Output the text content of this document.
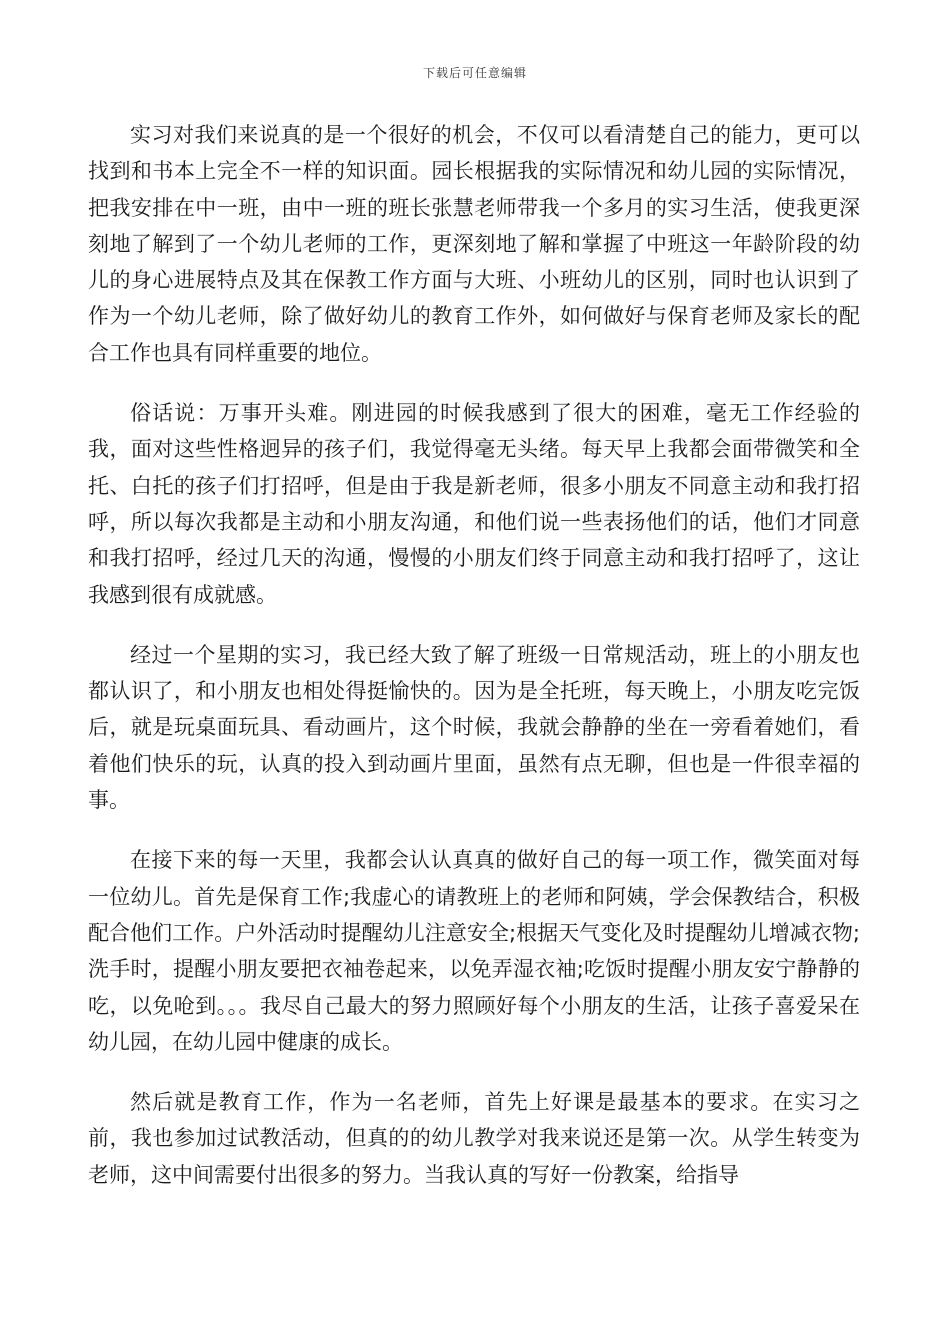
下载后可任意编辑

实习对我们来说真的是一个很好的机会，不仅可以看清楚自己的能力，更可以找到和书本上完全不一样的知识面。园长根据我的实际情况和幼儿园的实际情况，把我安排在中一班，由中一班的班长张慧老师带我一个多月的实习生活，使我更深刻地了解到了一个幼儿老师的工作，更深刻地了解和掌握了中班这一年龄阶段的幼儿的身心进展特点及其在保教工作方面与大班、小班幼儿的区别，同时也认识到了作为一个幼儿老师，除了做好幼儿的教育工作外，如何做好与保育老师及家长的配合工作也具有同样重要的地位。

俗话说：万事开头难。刚进园的时候我感到了很大的困难，毫无工作经验的我，面对这些性格迥异的孩子们，我觉得毫无头绪。每天早上我都会面带微笑和全托、白托的孩子们打招呼，但是由于我是新老师，很多小朋友不同意主动和我打招呼，所以每次我都是主动和小朋友沟通，和他们说一些表扬他们的话，他们才同意和我打招呼，经过几天的沟通，慢慢的小朋友们终于同意主动和我打招呼了，这让我感到很有成就感。

经过一个星期的实习，我已经大致了解了班级一日常规活动，班上的小朋友也都认识了，和小朋友也相处得挺愉快的。因为是全托班，每天晚上，小朋友吃完饭后，就是玩桌面玩具、看动画片，这个时候，我就会静静的坐在一旁看着她们，看着他们快乐的玩，认真的投入到动画片里面，虽然有点无聊，但也是一件很幸福的事。

在接下来的每一天里，我都会认认真真的做好自己的每一项工作，微笑面对每一位幼儿。首先是保育工作;我虚心的请教班上的老师和阿姨，学会保教结合，积极配合他们工作。户外活动时提醒幼儿注意安全;根据天气变化及时提醒幼儿增减衣物;洗手时，提醒小朋友要把衣袖卷起来，以免弄湿衣袖;吃饭时提醒小朋友安宁静静的吃，以免呛到。。。我尽自己最大的努力照顾好每个小朋友的生活，让孩子喜爱呆在幼儿园，在幼儿园中健康的成长。

然后就是教育工作，作为一名老师，首先上好课是最基本的要求。在实习之前，我也参加过试教活动，但真的的幼儿教学对我来说还是第一次。从学生转变为老师，这中间需要付出很多的努力。当我认真的写好一份教案，给指导
